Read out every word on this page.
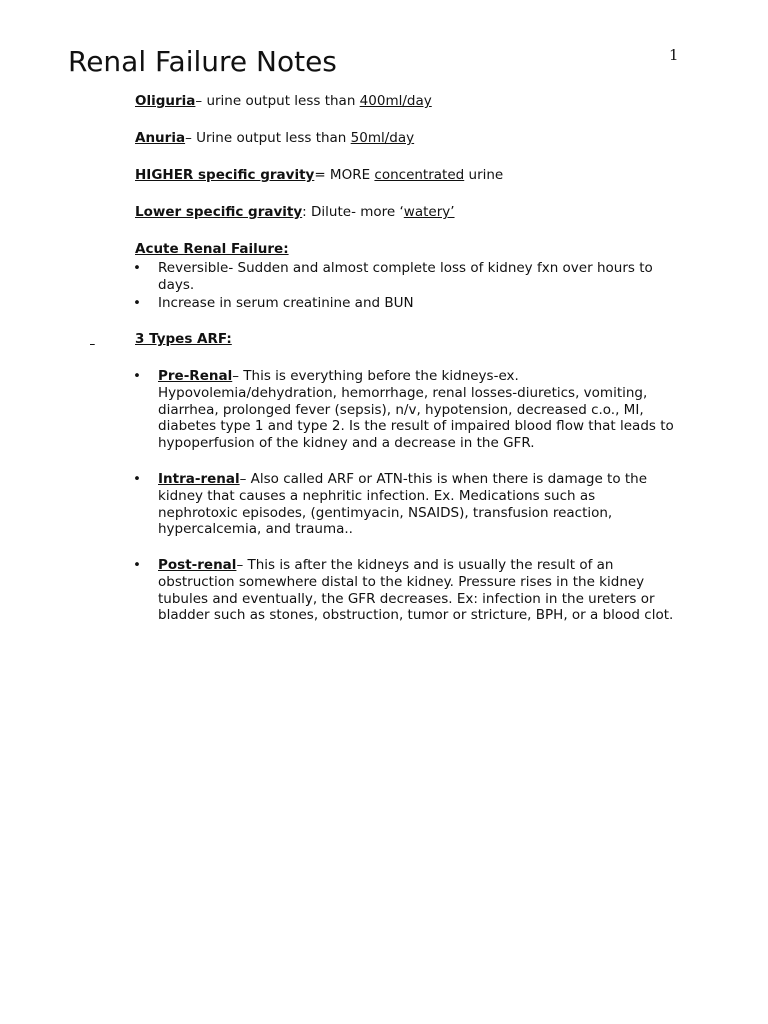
1
Renal Failure Notes
Oliguria– urine output less than 400ml/day
Anuria– Urine output less than 50ml/day
HIGHER specific gravity= MORE concentrated urine
Lower specific gravity: Dilute- more ‘watery’
Acute Renal Failure:
• Reversible- Sudden and almost complete loss of kidney fxn over hours to days.
• Increase in serum creatinine and BUN
3 Types ARF:
• Pre-Renal– This is everything before the kidneys-ex. Hypovolemia/dehydration, hemorrhage, renal losses-diuretics, vomiting, diarrhea, prolonged fever (sepsis), n/v, hypotension, decreased c.o., MI, diabetes type 1 and type 2. Is the result of impaired blood flow that leads to hypoperfusion of the kidney and a decrease in the GFR.
• Intra-renal– Also called ARF or ATN-this is when there is damage to the kidney that causes a nephritic infection. Ex. Medications such as nephrotoxic episodes, (gentimyacin, NSAIDS), transfusion reaction, hypercalcemia, and trauma..
• Post-renal– This is after the kidneys and is usually the result of an obstruction somewhere distal to the kidney. Pressure rises in the kidney tubules and eventually, the GFR decreases. Ex: infection in the ureters or bladder such as stones, obstruction, tumor or stricture, BPH, or a blood clot.
